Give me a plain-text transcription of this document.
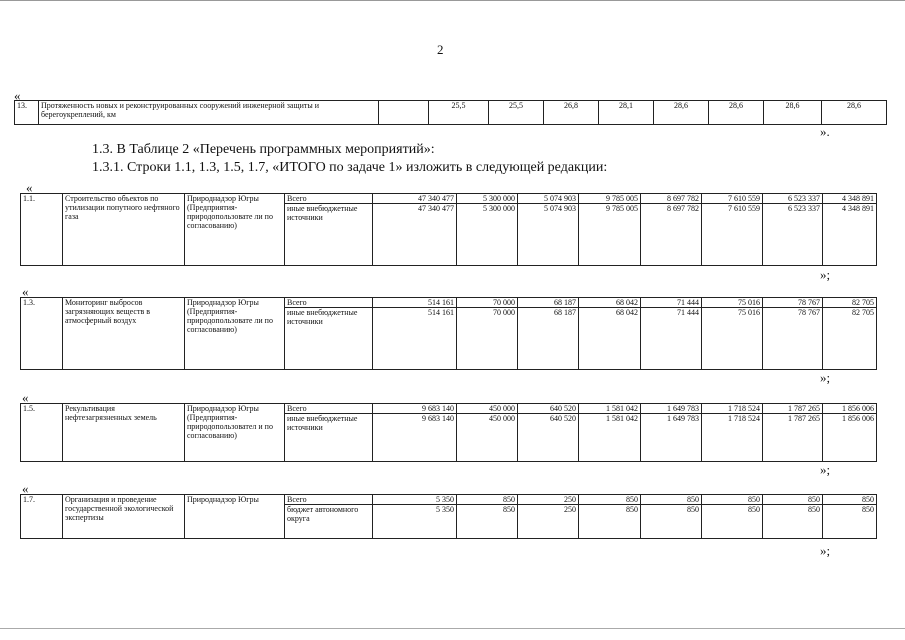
2
«
13.	Протяженность новых и реконструированных сооружений инженерной защиты и берегоукреплений, км		25,5	25,5	26,8	28,1	28,6	28,6	28,6	28,6
».
1.3. В Таблице 2 «Перечень программных мероприятий»:
1.3.1. Строки 1.1, 1.3, 1.5, 1.7, «ИТОГО по задаче 1» изложить в следующей редакции:
«
1.1.	Строительство объектов по утилизации попутного нефтяного газа	Природнадзор Югры (Предприятия-природопользовате ли по согласованию)	Всего	47 340 477	5 300 000	5 074 903	9 785 005	8 697 782	7 610 559	6 523 337	4 348 891
			иные внебюджетные источники	47 340 477	5 300 000	5 074 903	9 785 005	8 697 782	7 610 559	6 523 337	4 348 891
»;
«
1.3.	Мониторинг выбросов загрязняющих веществ в атмосферный воздух	Природнадзор Югры (Предприятия-природопользовате ли по согласованию)	Всего	514 161	70 000	68 187	68 042	71 444	75 016	78 767	82 705
			иные внебюджетные источники	514 161	70 000	68 187	68 042	71 444	75 016	78 767	82 705
»;
«
1.5.	Рекультивация нефтезагрязненных земель	Природнадзор Югры (Предприятия-природопользовател и по согласованию)	Всего	9 683 140	450 000	640 520	1 581 042	1 649 783	1 718 524	1 787 265	1 856 006
			иные внебюджетные источники	9 683 140	450 000	640 520	1 581 042	1 649 783	1 718 524	1 787 265	1 856 006
»;
«
1.7.	Организация и проведение государственной экологической экспертизы	Природнадзор Югры	Всего	5 350	850	250	850	850	850	850	850
			бюджет автономного округа	5 350	850	250	850	850	850	850	850
»;
